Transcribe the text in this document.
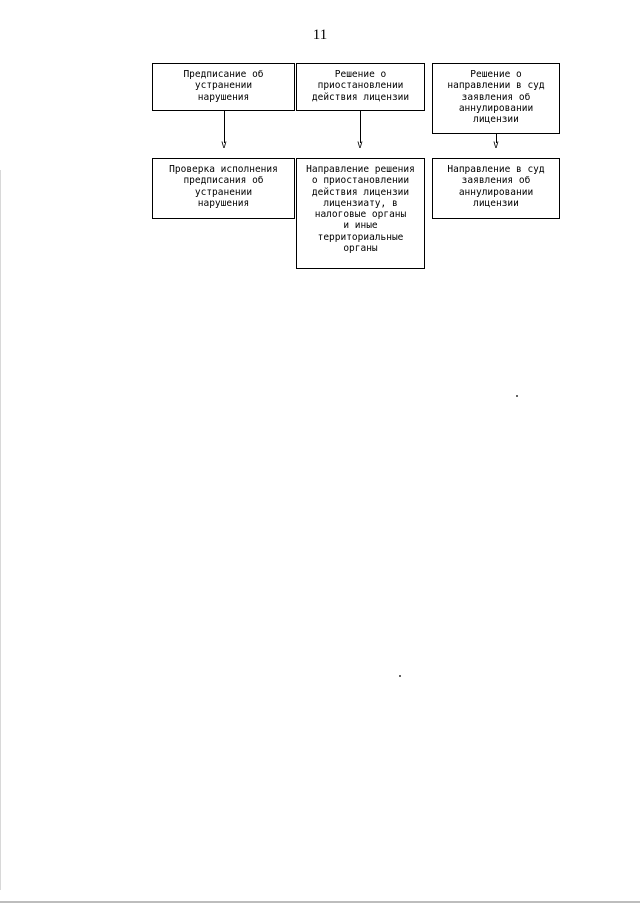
11
Предписание об
устранении
нарушения
Решение о
приостановлении
действия лицензии
Решение о
направлении в суд
заявления об
аннулировании
лицензии
V	V	V
Проверка исполнения
предписания об
устранении
нарушения
Направление решения
о приостановлении
действия лицензии
лицензиату, в
налоговые органы
и иные
территориальные
органы
Направление в суд
заявления об
аннулировании
лицензии
